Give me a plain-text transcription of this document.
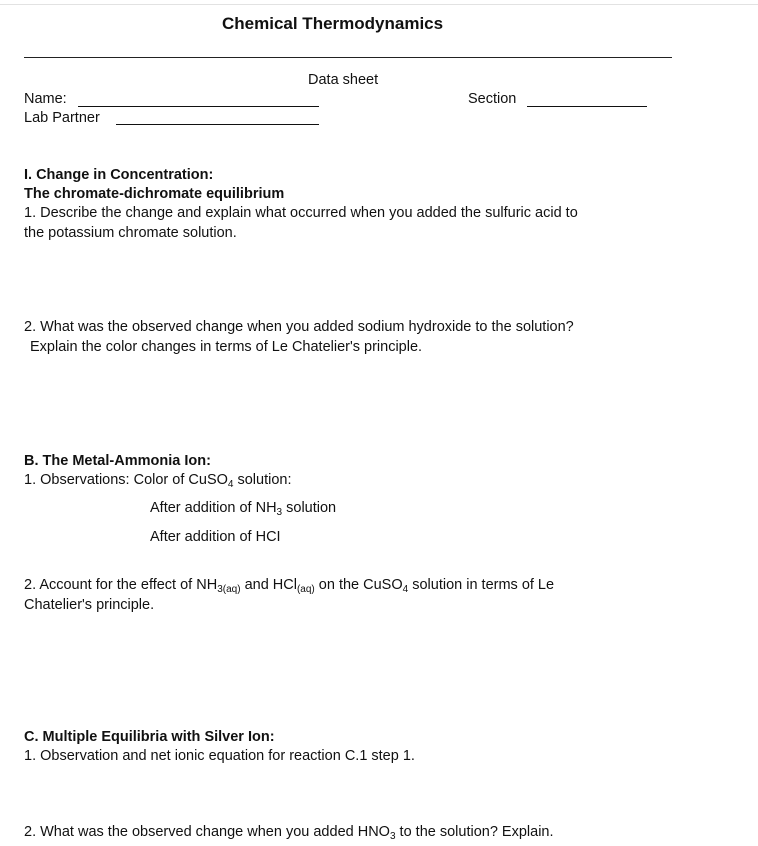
Chemical Thermodynamics
Data sheet
Name:
Lab Partner
Section
I. Change in Concentration:
The chromate-dichromate equilibrium
1. Describe the change and explain what occurred when you added the sulfuric acid to
the potassium chromate solution.
2. What was the observed change when you added sodium hydroxide to the solution?
Explain the color changes in terms of Le Chatelier's principle.
B. The Metal-Ammonia Ion:
1. Observations: Color of CuSO$_4$ solution:
After addition of $NH_3$ solution
After addition of HCI
2. Account for the effect of $NH_{3(aq)}$ and HCl$_{(aq)}$ on the CuSO$_4$ solution in terms of Le
Chatelier's principle.
C. Multiple Equilibria with Silver Ion:
1. Observation and net ionic equation for reaction C.1 step 1.
2. What was the observed change when you added $HNO_3$ to the solution? Explain.
